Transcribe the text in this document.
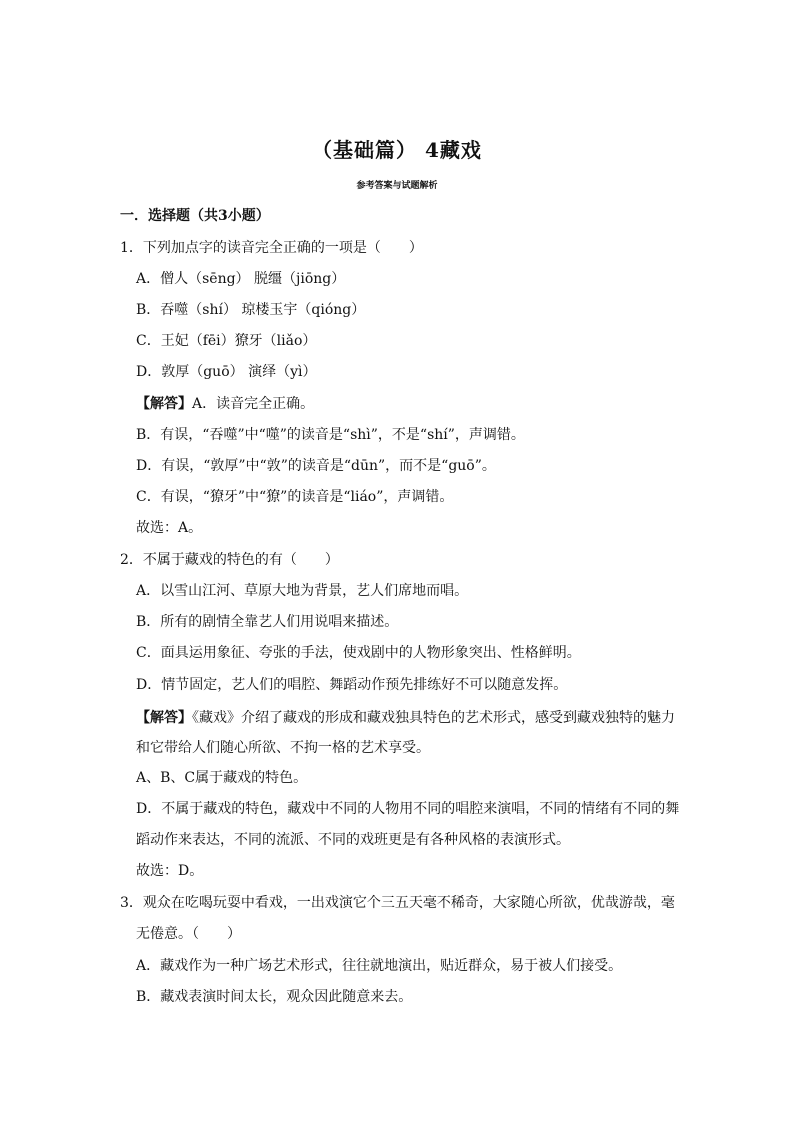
（基础篇） 4藏戏
参考答案与试题解析
一．选择题（共3小题）
1．下列加点字的读音完全正确的一项是（　　）
A．僧人（sēng） 脱缰（jiōng）
B．吞噬（shí） 琼楼玉宇（qióng）
C．王妃（fēi）獠牙（liǎo）
D．敦厚（guō） 演绎（yì）
【解答】A．读音完全正确。
B．有误，“吞噬”中“噬”的读音是“shì”，不是“shí”，声调错。
D．有误，“敦厚”中“敦”的读音是“dūn”，而不是“guō”。
C．有误，“獠牙”中“獠”的读音是“liáo”，声调错。
故选：A。
2．不属于藏戏的特色的有（　　）
A．以雪山江河、草原大地为背景，艺人们席地而唱。
B．所有的剧情全靠艺人们用说唱来描述。
C．面具运用象征、夸张的手法，使戏剧中的人物形象突出、性格鲜明。
D．情节固定，艺人们的唱腔、舞蹈动作预先排练好不可以随意发挥。
【解答】《藏戏》介绍了藏戏的形成和藏戏独具特色的艺术形式，感受到藏戏独特的魅力
和它带给人们随心所欲、不拘一格的艺术享受。
A、B、C属于藏戏的特色。
D．不属于藏戏的特色，藏戏中不同的人物用不同的唱腔来演唱，不同的情绪有不同的舞
蹈动作来表达，不同的流派、不同的戏班更是有各种风格的表演形式。
故选：D。
3．观众在吃喝玩耍中看戏，一出戏演它个三五天毫不稀奇，大家随心所欲，优哉游哉，毫
无倦意。（　　）
A．藏戏作为一种广场艺术形式，往往就地演出，贴近群众，易于被人们接受。
B．藏戏表演时间太长，观众因此随意来去。
